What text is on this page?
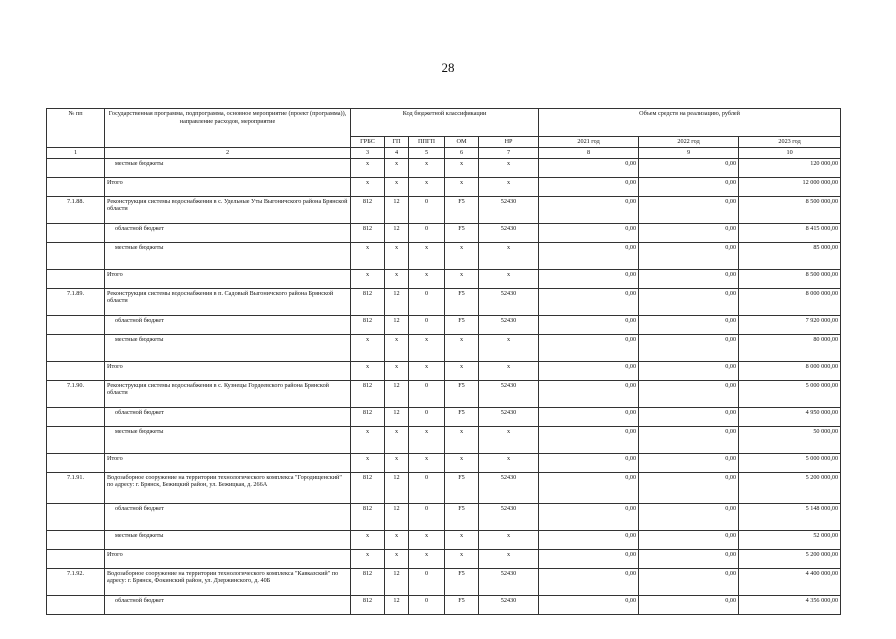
28
№ пп	Государственная программа, подпрограмма, основное мероприятие (проект (программа)), направление расходов, мероприятие	Код бюджетной классификации					Объем средств на реализацию, рублей		
		ГРБС	ГП	ППГП	ОМ	НР	2021 год	2022 год	2023 год
1	2	3	4	5	6	7	8	9	10
	местные бюджеты	х	х	х	х	х	0,00	0,00	120 000,00
	Итого	х	х	х	х	х	0,00	0,00	12 000 000,00
7.1.88.	Реконструкция системы водоснабжения в с. Удельные Уты Выгоничского района Брянской области	812	12	0	F5	52430	0,00	0,00	8 500 000,00
	областной бюджет	812	12	0	F5	52430	0,00	0,00	8 415 000,00
	местные бюджеты	х	х	х	х	х	0,00	0,00	85 000,00
	Итого	х	х	х	х	х	0,00	0,00	8 500 000,00
7.1.89.	Реконструкция системы водоснабжения в п. Садовый Выгоничского района Брянской области	812	12	0	F5	52430	0,00	0,00	8 000 000,00
	областной бюджет	812	12	0	F5	52430	0,00	0,00	7 920 000,00
	местные бюджеты	х	х	х	х	х	0,00	0,00	80 000,00
	Итого	х	х	х	х	х	0,00	0,00	8 000 000,00
7.1.90.	Реконструкция системы водоснабжения в с. Кузнецы Гордеевского района Брянской области	812	12	0	F5	52430	0,00	0,00	5 000 000,00
	областной бюджет	812	12	0	F5	52430	0,00	0,00	4 950 000,00
	местные бюджеты	х	х	х	х	х	0,00	0,00	50 000,00
	Итого	х	х	х	х	х	0,00	0,00	5 000 000,00
7.1.91.	Водозаборное сооружение на территории технологического комплекса "Городищенский" по адресу: г. Брянск, Бежицкий район, ул. Бежицкая, д. 266А	812	12	0	F5	52430	0,00	0,00	5 200 000,00
	областной бюджет	812	12	0	F5	52430	0,00	0,00	5 148 000,00
	местные бюджеты	х	х	х	х	х	0,00	0,00	52 000,00
	Итого	х	х	х	х	х	0,00	0,00	5 200 000,00
7.1.92.	Водозаборное сооружение на территории технологического комплекса "Кавказский" по адресу: г. Брянск, Фокинский район, ул. Дзержинского, д. 40Б	812	12	0	F5	52430	0,00	0,00	4 400 000,00
	областной бюджет	812	12	0	F5	52430	0,00	0,00	4 356 000,00
